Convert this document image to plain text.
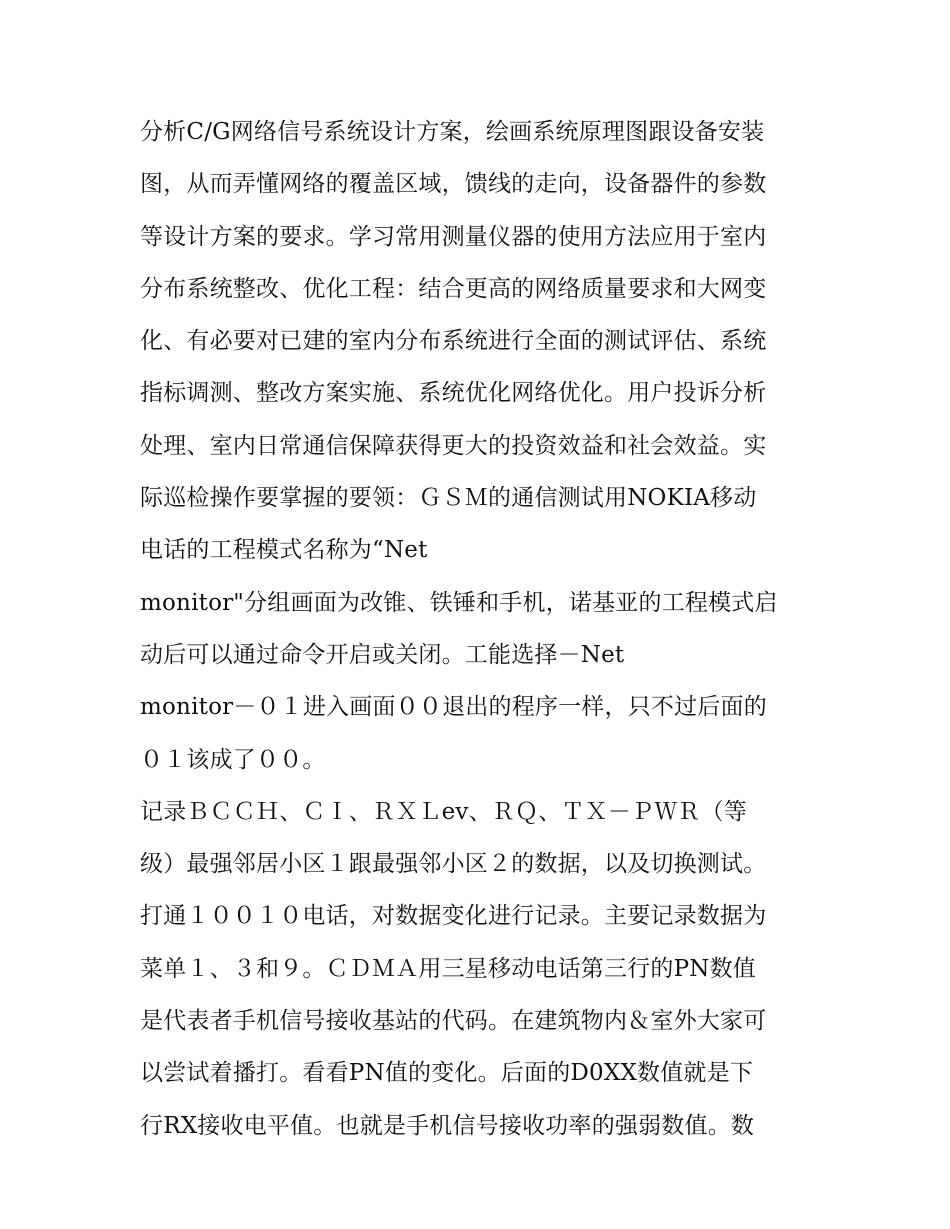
分析C/G网络信号系统设计方案，绘画系统原理图跟设备安装
图，从而弄懂网络的覆盖区域，馈线的走向，设备器件的参数
等设计方案的要求。学习常用测量仪器的使用方法应用于室内
分布系统整改、优化工程：结合更高的网络质量要求和大网变
化、有必要对已建的室内分布系统进行全面的测试评估、系统
指标调测、整改方案实施、系统优化网络优化。用户投诉分析
处理、室内日常通信保障获得更大的投资效益和社会效益。实
际巡检操作要掌握的要领：ＧＳＭ的通信测试用NOKIA移动
电话的工程模式名称为“Net
monitor"分组画面为改锥、铁锤和手机，诺基亚的工程模式启
动后可以通过命令开启或关闭。工能选择－Net
monitor－０１进入画面００退出的程序一样，只不过后面的
０１该成了００。
记录ＢＣＣＨ、ＣＩ、ＲＸＬev、ＲＱ、ＴＸ－ＰＷＲ（等
级）最强邻居小区１跟最强邻小区２的数据，以及切换测试。
打通１００１０电话，对数据变化进行记录。主要记录数据为
菜单１、３和９。ＣＤＭＡ用三星移动电话第三行的PN数值
是代表者手机信号接收基站的代码。在建筑物内＆室外大家可
以尝试着播打。看看PN值的变化。后面的D0XX数值就是下
行RX接收电平值。也就是手机信号接收功率的强弱数值。数
